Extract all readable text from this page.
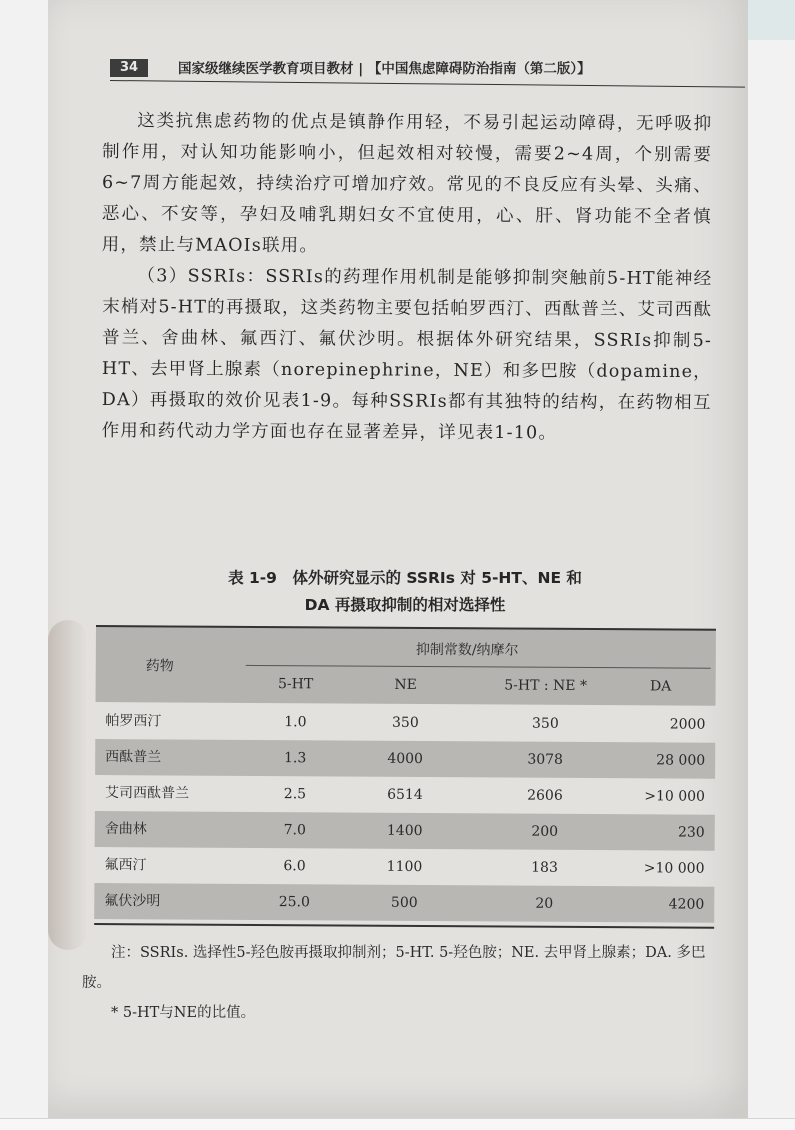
34	国家级继续医学教育项目教材 | 【中国焦虑障碍防治指南（第二版）】

这类抗焦虑药物的优点是镇静作用轻，不易引起运动障碍，无呼吸抑制作用，对认知功能影响小，但起效相对较慢，需要2~4周，个别需要6~7周方能起效，持续治疗可增加疗效。常见的不良反应有头晕、头痛、恶心、不安等，孕妇及哺乳期妇女不宜使用，心、肝、肾功能不全者慎用，禁止与MAOIs联用。

（3）SSRIs：SSRIs的药理作用机制是能够抑制突触前5-HT能神经末梢对5-HT的再摄取，这类药物主要包括帕罗西汀、西酞普兰、艾司西酞普兰、舍曲林、氟西汀、氟伏沙明。根据体外研究结果，SSRIs抑制5-HT、去甲肾上腺素（norepinephrine，NE）和多巴胺（dopamine，DA）再摄取的效价见表1-9。每种SSRIs都有其独特的结构，在药物相互作用和药代动力学方面也存在显著差异，详见表1-10。

表 1-9　体外研究显示的 SSRIs 对 5-HT、NE 和
DA 再摄取抑制的相对选择性
药物
抑制常数/纳摩尔
5-HT	NE	5-HT : NE *	DA
帕罗西汀	1.0	350	350	2000
西酞普兰	1.3	4000	3078	28 000
艾司西酞普兰	2.5	6514	2606	>10 000
舍曲林	7.0	1400	200	230
氟西汀	6.0	1100	183	>10 000
氟伏沙明	25.0	500	20	4200

注：SSRIs. 选择性5-羟色胺再摄取抑制剂；5-HT. 5-羟色胺；NE. 去甲肾上腺素；DA. 多巴胺。

* 5-HT与NE的比值。
